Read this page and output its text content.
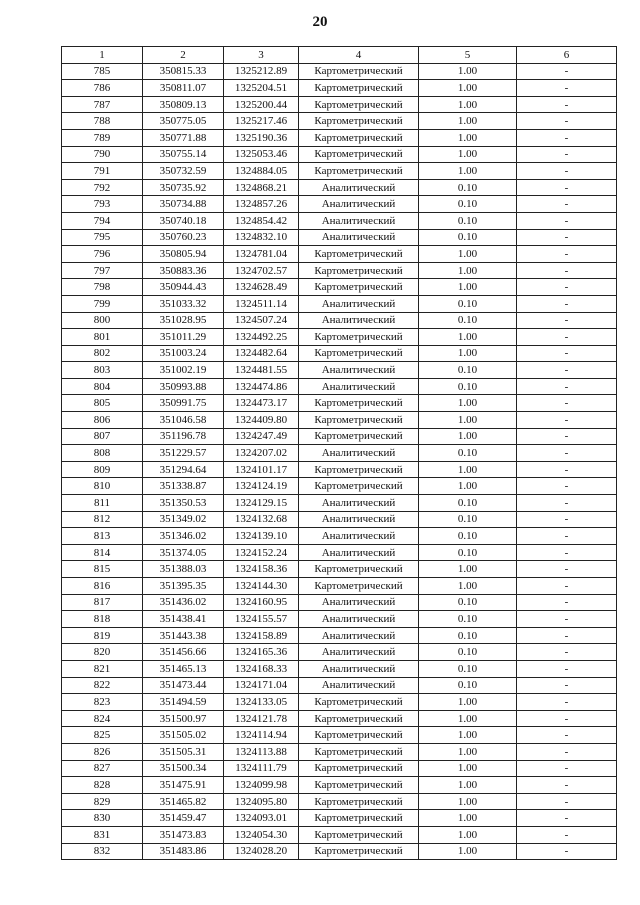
20
1	2	3	4	5	6
785	350815.33	1325212.89	Картометрический	1.00	-
786	350811.07	1325204.51	Картометрический	1.00	-
787	350809.13	1325200.44	Картометрический	1.00	-
788	350775.05	1325217.46	Картометрический	1.00	-
789	350771.88	1325190.36	Картометрический	1.00	-
790	350755.14	1325053.46	Картометрический	1.00	-
791	350732.59	1324884.05	Картометрический	1.00	-
792	350735.92	1324868.21	Аналитический	0.10	-
793	350734.88	1324857.26	Аналитический	0.10	-
794	350740.18	1324854.42	Аналитический	0.10	-
795	350760.23	1324832.10	Аналитический	0.10	-
796	350805.94	1324781.04	Картометрический	1.00	-
797	350883.36	1324702.57	Картометрический	1.00	-
798	350944.43	1324628.49	Картометрический	1.00	-
799	351033.32	1324511.14	Аналитический	0.10	-
800	351028.95	1324507.24	Аналитический	0.10	-
801	351011.29	1324492.25	Картометрический	1.00	-
802	351003.24	1324482.64	Картометрический	1.00	-
803	351002.19	1324481.55	Аналитический	0.10	-
804	350993.88	1324474.86	Аналитический	0.10	-
805	350991.75	1324473.17	Картометрический	1.00	-
806	351046.58	1324409.80	Картометрический	1.00	-
807	351196.78	1324247.49	Картометрический	1.00	-
808	351229.57	1324207.02	Аналитический	0.10	-
809	351294.64	1324101.17	Картометрический	1.00	-
810	351338.87	1324124.19	Картометрический	1.00	-
811	351350.53	1324129.15	Аналитический	0.10	-
812	351349.02	1324132.68	Аналитический	0.10	-
813	351346.02	1324139.10	Аналитический	0.10	-
814	351374.05	1324152.24	Аналитический	0.10	-
815	351388.03	1324158.36	Картометрический	1.00	-
816	351395.35	1324144.30	Картометрический	1.00	-
817	351436.02	1324160.95	Аналитический	0.10	-
818	351438.41	1324155.57	Аналитический	0.10	-
819	351443.38	1324158.89	Аналитический	0.10	-
820	351456.66	1324165.36	Аналитический	0.10	-
821	351465.13	1324168.33	Аналитический	0.10	-
822	351473.44	1324171.04	Аналитический	0.10	-
823	351494.59	1324133.05	Картометрический	1.00	-
824	351500.97	1324121.78	Картометрический	1.00	-
825	351505.02	1324114.94	Картометрический	1.00	-
826	351505.31	1324113.88	Картометрический	1.00	-
827	351500.34	1324111.79	Картометрический	1.00	-
828	351475.91	1324099.98	Картометрический	1.00	-
829	351465.82	1324095.80	Картометрический	1.00	-
830	351459.47	1324093.01	Картометрический	1.00	-
831	351473.83	1324054.30	Картометрический	1.00	-
832	351483.86	1324028.20	Картометрический	1.00	-
